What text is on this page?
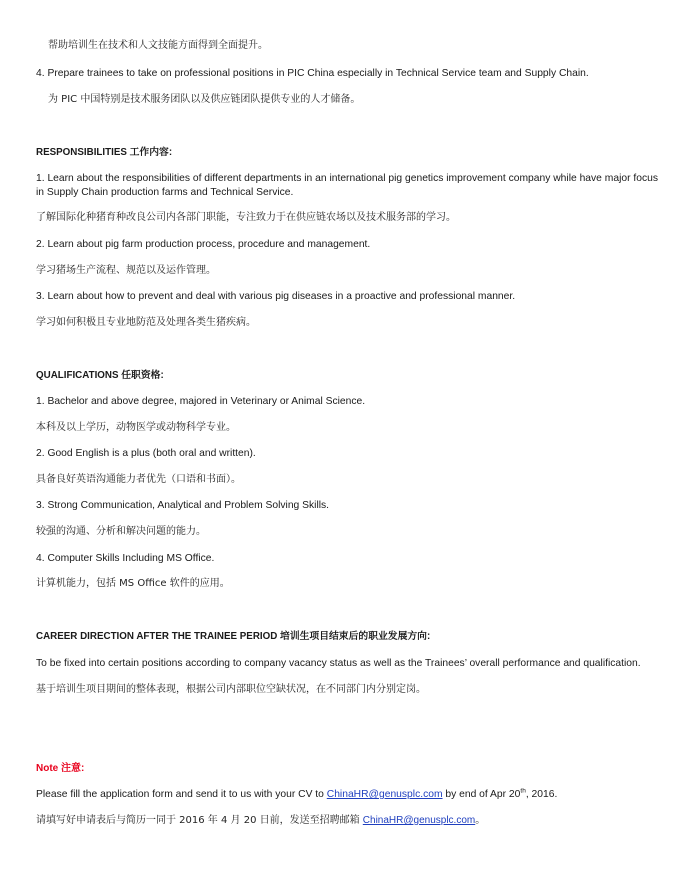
帮助培训生在技术和人文技能方面得到全面提升。
4. Prepare trainees to take on professional positions in PIC China especially in Technical Service team and Supply Chain.
为 PIC 中国特别是技术服务团队以及供应链团队提供专业的人才储备。
RESPONSIBILITIES 工作内容:
1. Learn about the responsibilities of different departments in an international pig genetics improvement company while have major focus in Supply Chain production farms and Technical Service.
了解国际化种猪育种改良公司内各部门职能，专注致力于在供应链农场以及技术服务部的学习。
2. Learn about pig farm production process, procedure and management.
学习猪场生产流程、规范以及运作管理。
3. Learn about how to prevent and deal with various pig diseases in a proactive and professional manner.
学习如何积极且专业地防范及处理各类生猪疾病。
QUALIFICATIONS 任职资格:
1. Bachelor and above degree, majored in Veterinary or Animal Science.
本科及以上学历，动物医学或动物科学专业。
2. Good English is a plus (both oral and written).
具备良好英语沟通能力者优先（口语和书面）。
3. Strong Communication, Analytical and Problem Solving Skills.
较强的沟通、分析和解决问题的能力。
4. Computer Skills Including MS Office.
计算机能力，包括 MS Office 软件的应用。
CAREER DIRECTION AFTER THE TRAINEE PERIOD 培训生项目结束后的职业发展方向:
To be fixed into certain positions according to company vacancy status as well as the Trainees’ overall performance and qualification.
基于培训生项目期间的整体表现，根据公司内部职位空缺状况，在不同部门内分别定岗。
Note 注意:
Please fill the application form and send it to us with your CV to ChinaHR@genusplc.com by end of Apr 20th, 2016.
请填写好申请表后与简历一同于 2016 年 4 月 20 日前，发送至招聘邮箱 ChinaHR@genusplc.com。
